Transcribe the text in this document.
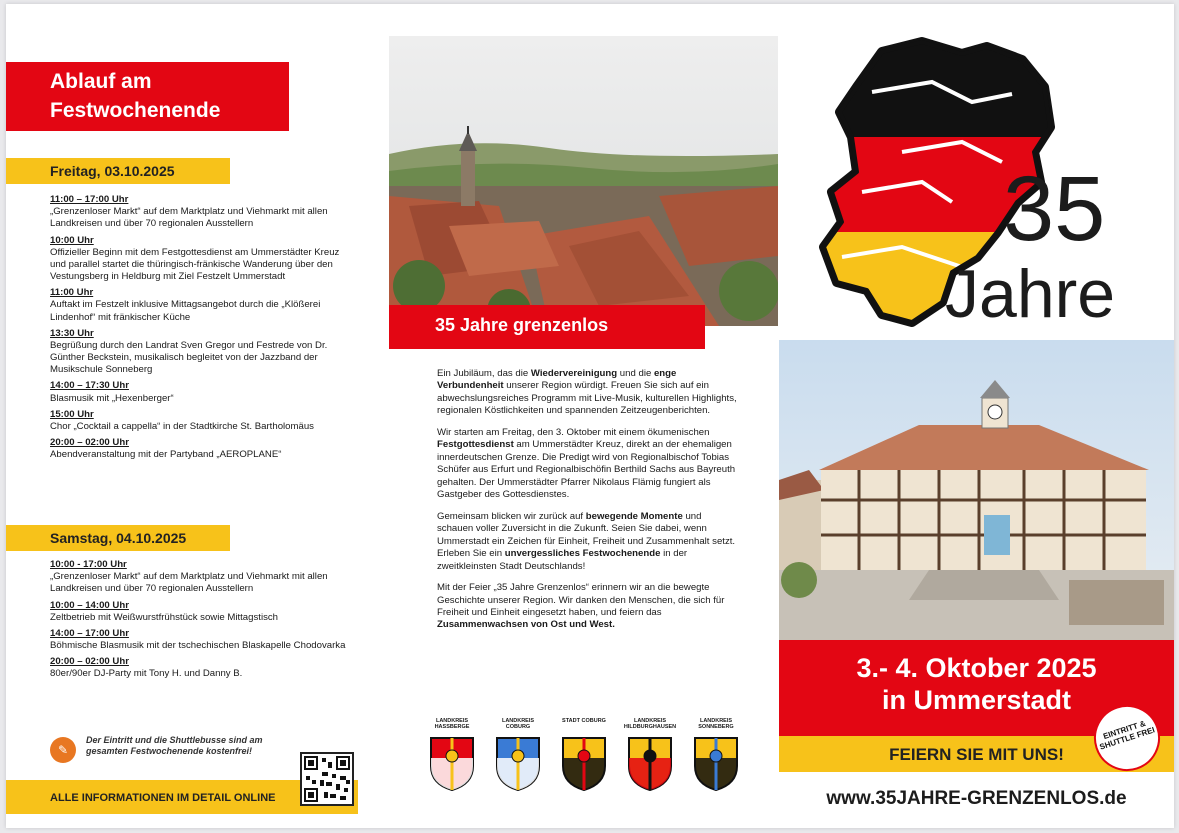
Ablauf am
Festwochenende
Freitag, 03.10.2025
11:00 – 17:00 Uhr
„Grenzenloser Markt“ auf dem Marktplatz und Viehmarkt mit allen Landkreisen und über 70 regionalen Ausstellern
10:00 Uhr
Offizieller Beginn mit dem Festgottesdienst am Ummerstädter Kreuz und parallel startet die thüringisch-fränkische Wanderung über den Vestungsberg in Heldburg mit Ziel Festzelt Ummerstadt
11:00 Uhr
Auftakt im Festzelt inklusive Mittagsangebot durch die „Klößerei Lindenhof“ mit fränkischer Küche
13:30 Uhr
Begrüßung durch den Landrat Sven Gregor und Festrede von Dr. Günther Beckstein, musikalisch begleitet von der Jazzband der Musikschule Sonneberg
14:00 – 17:30 Uhr
Blasmusik mit „Hexenberger“
15:00 Uhr
Chor „Cocktail a cappella“ in der Stadtkirche St. Bartholomäus
20:00 – 02:00 Uhr
Abendveranstaltung mit der Partyband „AEROPLANE“
Samstag, 04.10.2025
10:00 - 17:00 Uhr
„Grenzenloser Markt“ auf dem Marktplatz und Viehmarkt mit allen Landkreisen und über 70 regionalen Ausstellern
10:00 – 14:00 Uhr
Zeltbetrieb mit Weißwurstfrühstück sowie Mittagstisch
14:00 – 17:00 Uhr
Böhmische Blasmusik mit der tschechischen Blaskapelle Chodovarka
20:00 – 02:00 Uhr
80er/90er DJ-Party mit Tony H. und Danny B.
✎
Der Eintritt und die Shuttlebusse sind am gesamten Festwochenende kostenfrei!
ALLE INFORMATIONEN IM DETAIL ONLINE
35 Jahre grenzenlos

Ein Jubiläum, das die Wiedervereinigung und die enge Verbundenheit unserer Region würdigt. Freuen Sie sich auf ein abwechslungsreiches Programm mit Live-Musik, kulturellen Highlights, regionalen Köstlichkeiten und spannenden Zeitzeugenberichten.

Wir starten am Freitag, den 3. Oktober mit einem ökumenischen Festgottesdienst am Ummerstädter Kreuz, direkt an der ehemaligen innerdeutschen Grenze. Die Predigt wird von Regionalbischof Tobias Schüfer aus Erfurt und Regionalbischöfin Berthild Sachs aus Bayreuth gehalten. Der Ummerstädter Pfarrer Nikolaus Flämig fungiert als Gastgeber des Gottesdienstes.

Gemeinsam blicken wir zurück auf bewegende Momente und schauen voller Zuversicht in die Zukunft. Seien Sie dabei, wenn Ummerstadt ein Zeichen für Einheit, Freiheit und Zusammenhalt setzt. Erleben Sie ein unvergessliches Festwochenende in der zweitkleinsten Stadt Deutschlands!

Mit der Feier „35 Jahre Grenzenlos“ erinnern wir an die bewegte Geschichte unserer Region. Wir danken den Menschen, die sich für Freiheit und Einheit eingesetzt haben, und feiern das Zusammenwachsen von Ost und West.

LANDKREIS HASSBERGE
LANDKREIS COBURG
STADT COBURG	LANDKREIS HILDBURGHAUSEN
LANDKREIS SONNEBERG
35
Jahre
3.- 4. Oktober 2025
in Ummerstadt
FEIERN SIE MIT UNS!
EINTRITT & SHUTTLE FREI
www.35JAHRE-GRENZENLOS.de
